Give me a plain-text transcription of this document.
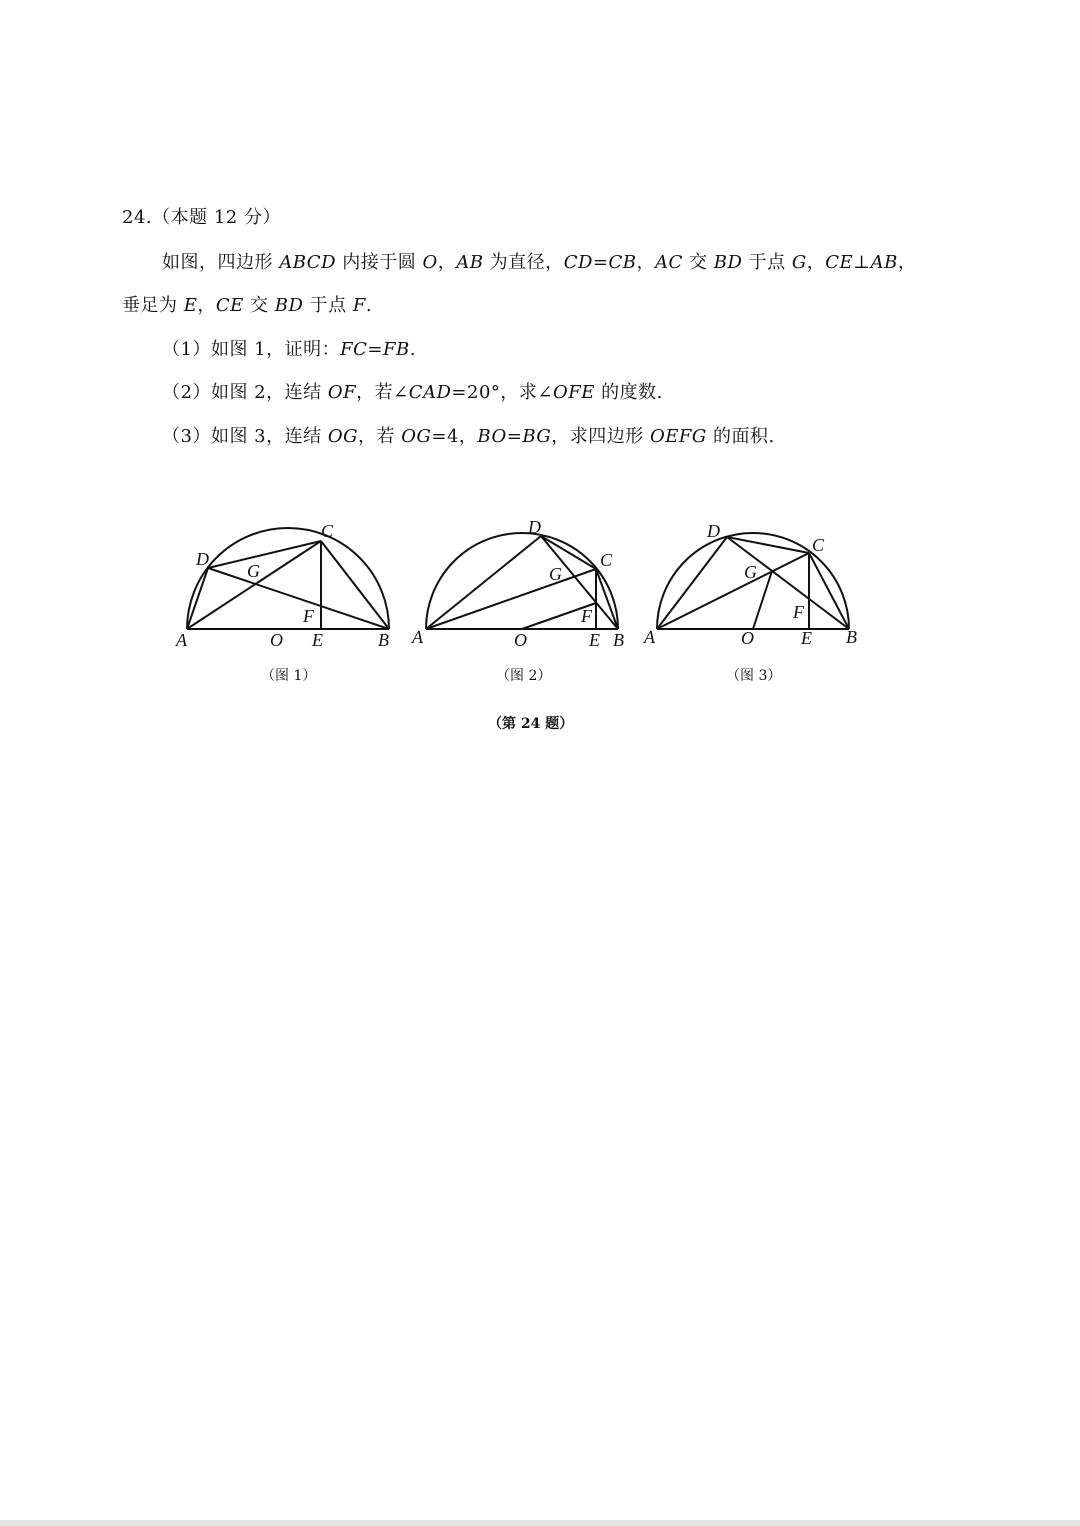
24.（本题 12 分）
如图，四边形 ABCD 内接于圆 O，AB 为直径，CD=CB，AC 交 BD 于点 G，CE⊥AB，
垂足为 E，CE 交 BD 于点 F.
（1）如图 1，证明：FC=FB.
（2）如图 2，连结 OF，若∠CAD=20°，求∠OFE 的度数.
（3）如图 3，连结 OG，若 OG=4，BO=BG，求四边形 OEFG 的面积.
A	B
C
D
E
F
G
O	A	B
C
D
E
F
G
O	A	B
C
D
E
F
G
O
（图 1）	（图 2）	（图 3）
（第 24 题）
